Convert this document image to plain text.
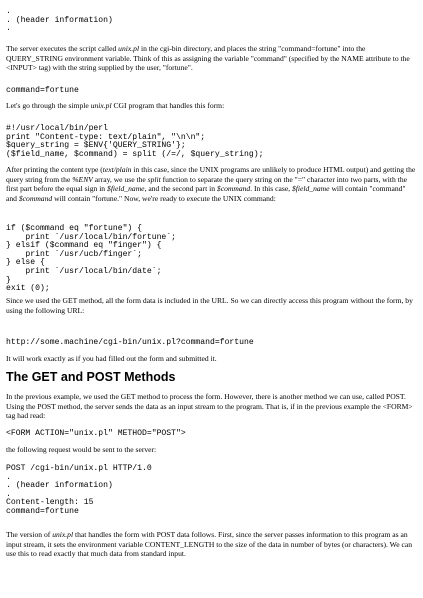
.
. (header information)
.

The server executes the script called unix.pl in the cgi-bin directory, and places the string "command=fortune" into the QUERY_STRING environment variable. Think of this as assigning the variable "command" (specified by the NAME attribute to the <INPUT> tag) with the string supplied by the user, "fortune".

command=fortune

Let's go through the simple unix.pl CGI program that handles this form:

#!/usr/local/bin/perl
print "Content-type: text/plain", "\n\n";
$query_string = $ENV{'QUERY_STRING'};
($field_name, $command) = split (/=/, $query_string);

After printing the content type (text/plain in this case, since the UNIX programs are unlikely to produce HTML output) and getting the query string from the %ENV array, we use the split function to separate the query string on the "=" character into two parts, with the first part before the equal sign in $field_name, and the second part in $command. In this case, $field_name will contain "command" and $command will contain "fortune." Now, we're ready to execute the UNIX command:

if ($command eq "fortune") {
print `/usr/local/bin/fortune`;
} elsif ($command eq "finger") {
print `/usr/ucb/finger`;
} else {
print `/usr/local/bin/date`;
}
exit (0);

Since we used the GET method, all the form data is included in the URL. So we can directly access this program without the form, by using the following URL:

http://some.machine/cgi-bin/unix.pl?command=fortune

It will work exactly as if you had filled out the form and submitted it.

The GET and POST Methods

In the previous example, we used the GET method to process the form. However, there is another method we can use, called POST. Using the POST method, the server sends the data as an input stream to the program. That is, if in the previous example the <FORM> tag had read:

<FORM ACTION="unix.pl" METHOD="POST">

the following request would be sent to the server:

POST /cgi-bin/unix.pl HTTP/1.0
.
. (header information)
.
Content-length: 15
command=fortune

The version of unix.pl that handles the form with POST data follows. First, since the server passes information to this program as an input stream, it sets the environment variable CONTENT_LENGTH to the size of the data in number of bytes (or characters). We can use this to read exactly that much data from standard input.
